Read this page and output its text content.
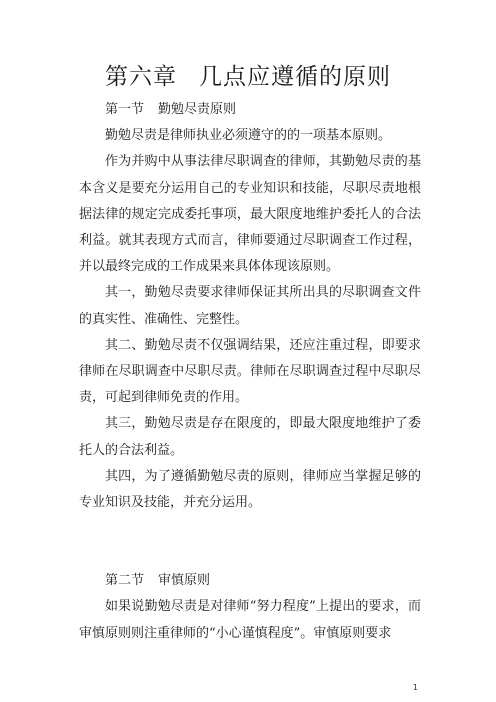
第六章 几点应遵循的原则

第一节 勤勉尽责原则

勤勉尽责是律师执业必须遵守的的一项基本原则。

作为并购中从事法律尽职调查的律师，其勤勉尽责的基本含义是要充分运用自己的专业知识和技能，尽职尽责地根据法律的规定完成委托事项，最大限度地维护委托人的合法利益。就其表现方式而言，律师要通过尽职调查工作过程，并以最终完成的工作成果来具体体现该原则。

其一，勤勉尽责要求律师保证其所出具的尽职调查文件的真实性、准确性、完整性。

其二、勤勉尽责不仅强调结果，还应注重过程，即要求律师在尽职调查中尽职尽责。律师在尽职调查过程中尽职尽责，可起到律师免责的作用。

其三，勤勉尽责是存在限度的，即最大限度地维护了委托人的合法利益。

其四，为了遵循勤勉尽责的原则，律师应当掌握足够的专业知识及技能，并充分运用。

第二节 审慎原则

如果说勤勉尽责是对律师“努力程度”上提出的要求，而审慎原则则注重律师的“小心谨慎程度”。审慎原则要求

1
